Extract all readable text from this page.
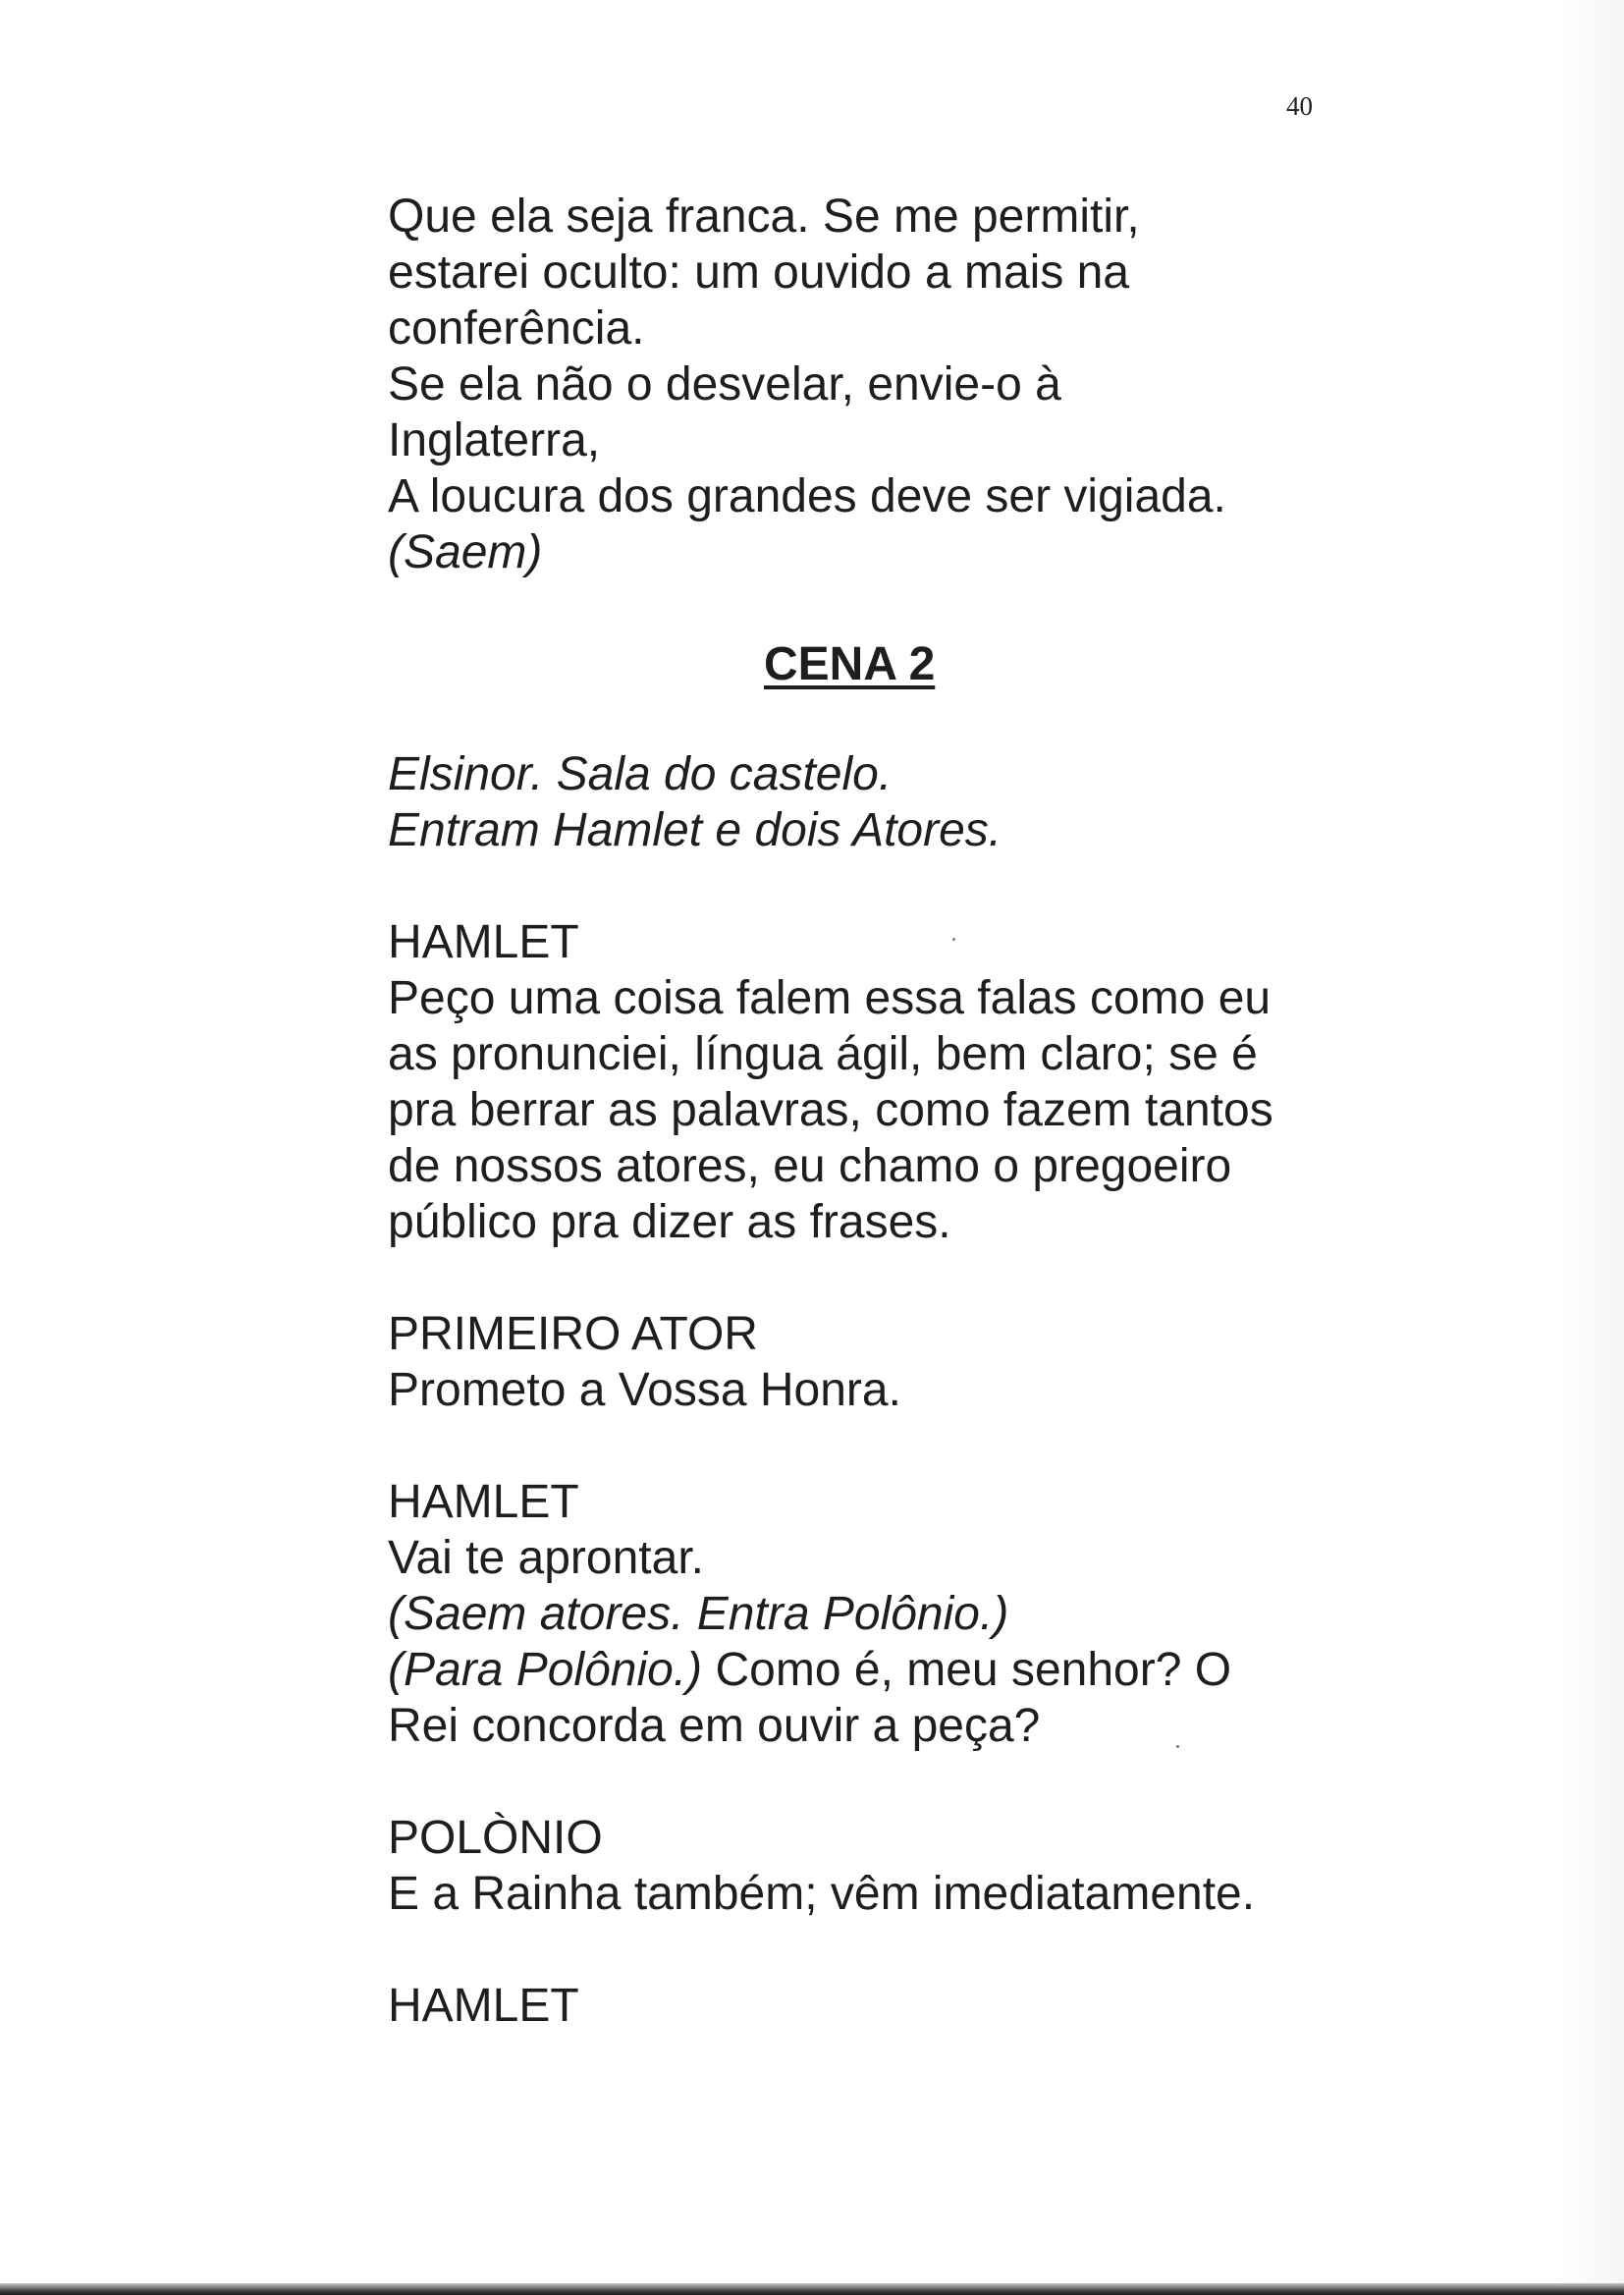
40
Que ela seja franca. Se me permitir,
estarei oculto: um ouvido a mais na
conferência.
Se ela não o desvelar, envie-o à
Inglaterra,
A loucura dos grandes deve ser vigiada.
(Saem)
CENA 2
Elsinor. Sala do castelo.
Entram Hamlet e dois Atores.
HAMLET
Peço uma coisa falem essa falas como eu
as pronunciei, língua ágil, bem claro; se é
pra berrar as palavras, como fazem tantos
de nossos atores, eu chamo o pregoeiro
público pra dizer as frases.
PRIMEIRO ATOR
Prometo a Vossa Honra.
HAMLET
Vai te aprontar.
(Saem atores. Entra Polônio.)
(Para Polônio.) Como é, meu senhor? O
Rei concorda em ouvir a peça?
POLÒNIO
E a Rainha também; vêm imediatamente.
HAMLET
